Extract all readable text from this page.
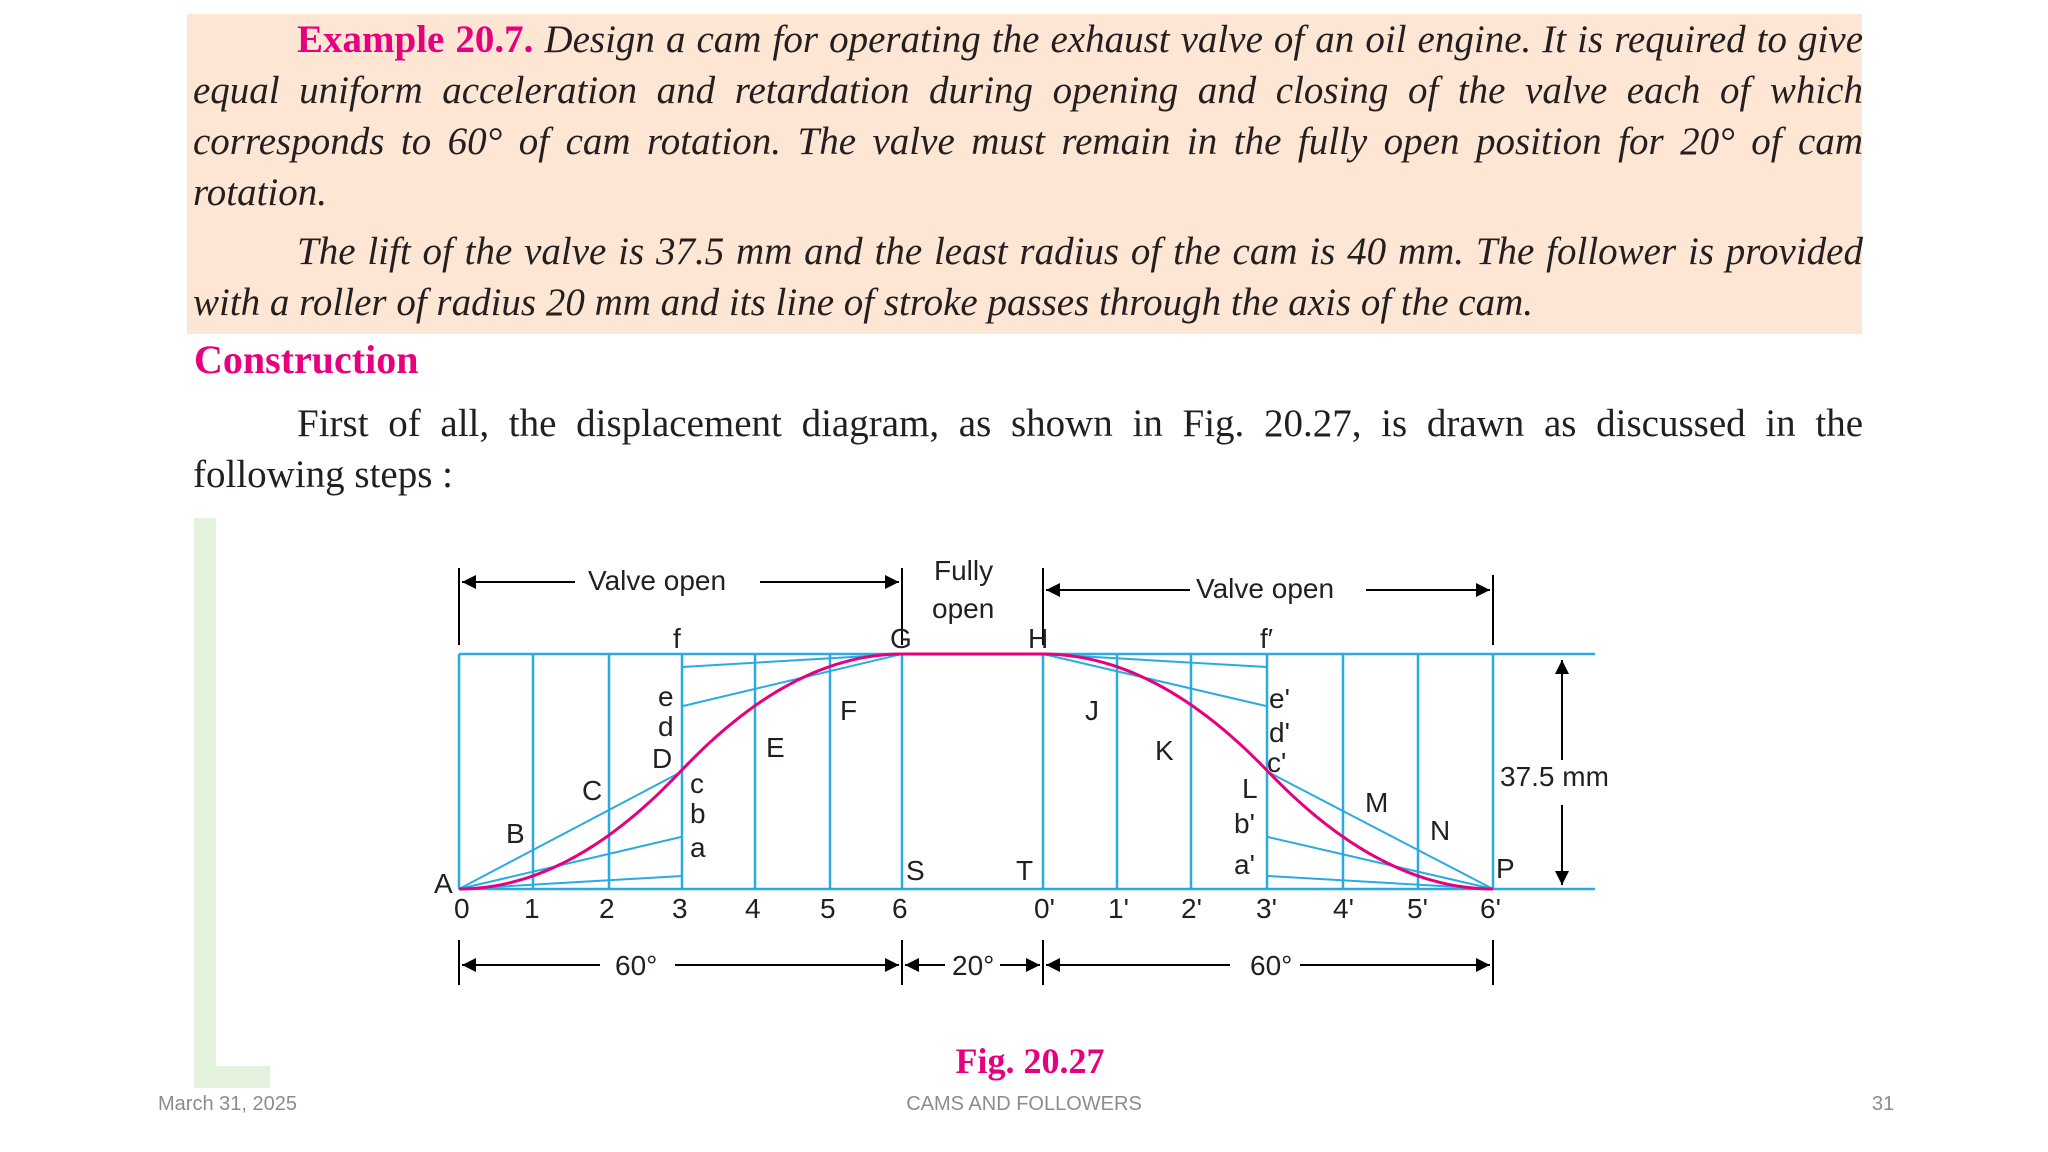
Example 20.7. Design a cam for operating the exhaust valve of an oil engine. It is required to give equal uniform acceleration and retardation during opening and closing of the valve each of which corresponds to 60° of cam rotation. The valve must remain in the fully open position for 20° of cam rotation.

The lift of the valve is 37.5 mm and the least radius of the cam is 40 mm. The follower is provided with a roller of radius 20 mm and its line of stroke passes through the axis of the cam.

Construction

First of all, the displacement diagram, as shown in Fig. 20.27, is drawn as discussed in the following steps :

Valve open	Valve open
Fully
open
37.5 mm
f	G	H	f′
A
B
C
D	E
F
a
b
c
d
e	J
K
L	M
N
P
a'
b'
c'
d'
e'
S	T
0 1 2 3 4 5 6	0' 1' 2' 3' 4' 5' 6'
60°	20°	60°
Fig. 20.27
March 31, 2025	CAMS AND FOLLOWERS	31
